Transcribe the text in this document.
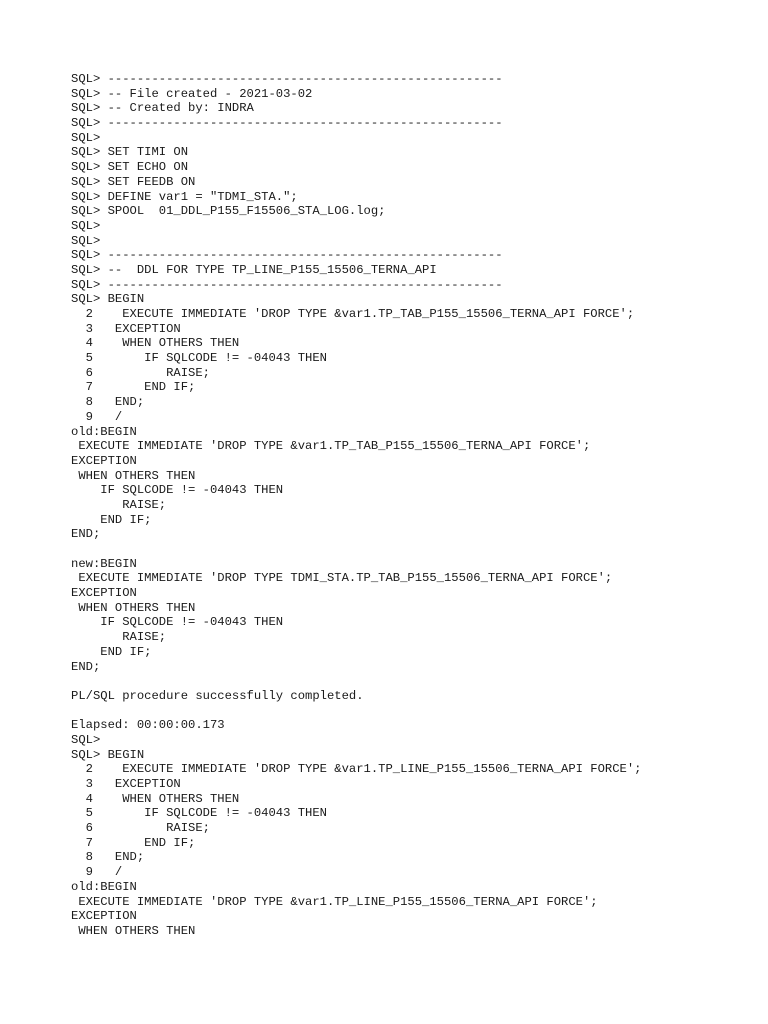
SQL> ------------------------------------------------------
SQL> -- File created - 2021-03-02
SQL> -- Created by: INDRA
SQL> ------------------------------------------------------
SQL>
SQL> SET TIMI ON
SQL> SET ECHO ON
SQL> SET FEEDB ON
SQL> DEFINE var1 = "TDMI_STA.";
SQL> SPOOL  01_DDL_P155_F15506_STA_LOG.log;
SQL>
SQL>
SQL> ------------------------------------------------------
SQL> --  DDL FOR TYPE TP_LINE_P155_15506_TERNA_API
SQL> ------------------------------------------------------
SQL> BEGIN
2    EXECUTE IMMEDIATE 'DROP TYPE &var1.TP_TAB_P155_15506_TERNA_API FORCE';
3   EXCEPTION
4    WHEN OTHERS THEN
5       IF SQLCODE != -04043 THEN
6          RAISE;
7       END IF;
8   END;
9   /
old:BEGIN
EXECUTE IMMEDIATE 'DROP TYPE &var1.TP_TAB_P155_15506_TERNA_API FORCE';
EXCEPTION
WHEN OTHERS THEN
IF SQLCODE != -04043 THEN
RAISE;
END IF;
END;
new:BEGIN
EXECUTE IMMEDIATE 'DROP TYPE TDMI_STA.TP_TAB_P155_15506_TERNA_API FORCE';
EXCEPTION
WHEN OTHERS THEN
IF SQLCODE != -04043 THEN
RAISE;
END IF;
END;
PL/SQL procedure successfully completed.
Elapsed: 00:00:00.173
SQL>
SQL> BEGIN
2    EXECUTE IMMEDIATE 'DROP TYPE &var1.TP_LINE_P155_15506_TERNA_API FORCE';
3   EXCEPTION
4    WHEN OTHERS THEN
5       IF SQLCODE != -04043 THEN
6          RAISE;
7       END IF;
8   END;
9   /
old:BEGIN
EXECUTE IMMEDIATE 'DROP TYPE &var1.TP_LINE_P155_15506_TERNA_API FORCE';
EXCEPTION
WHEN OTHERS THEN
